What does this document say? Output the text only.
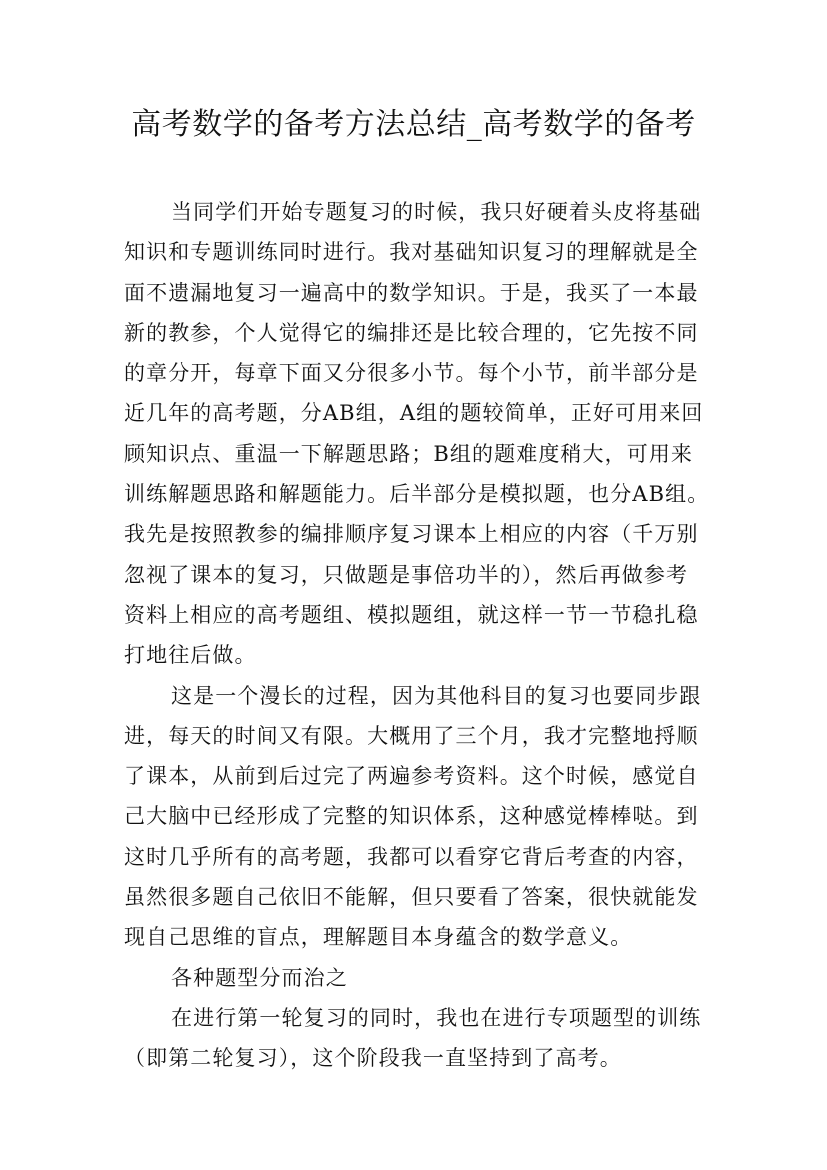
高考数学的备考方法总结_高考数学的备考
当同学们开始专题复习的时候，我只好硬着头皮将基础
知识和专题训练同时进行。我对基础知识复习的理解就是全
面不遗漏地复习一遍高中的数学知识。于是，我买了一本最
新的教参，个人觉得它的编排还是比较合理的，它先按不同
的章分开，每章下面又分很多小节。每个小节，前半部分是
近几年的高考题，分AB组，A组的题较简单，正好可用来回
顾知识点、重温一下解题思路；B组的题难度稍大，可用来
训练解题思路和解题能力。后半部分是模拟题，也分AB组。
我先是按照教参的编排顺序复习课本上相应的内容（千万别
忽视了课本的复习，只做题是事倍功半的），然后再做参考
资料上相应的高考题组、模拟题组，就这样一节一节稳扎稳
打地往后做。
这是一个漫长的过程，因为其他科目的复习也要同步跟
进，每天的时间又有限。大概用了三个月，我才完整地捋顺
了课本，从前到后过完了两遍参考资料。这个时候，感觉自
己大脑中已经形成了完整的知识体系，这种感觉棒棒哒。到
这时几乎所有的高考题，我都可以看穿它背后考查的内容，
虽然很多题自己依旧不能解，但只要看了答案，很快就能发
现自己思维的盲点，理解题目本身蕴含的数学意义。
各种题型分而治之
在进行第一轮复习的同时，我也在进行专项题型的训练
（即第二轮复习），这个阶段我一直坚持到了高考。
